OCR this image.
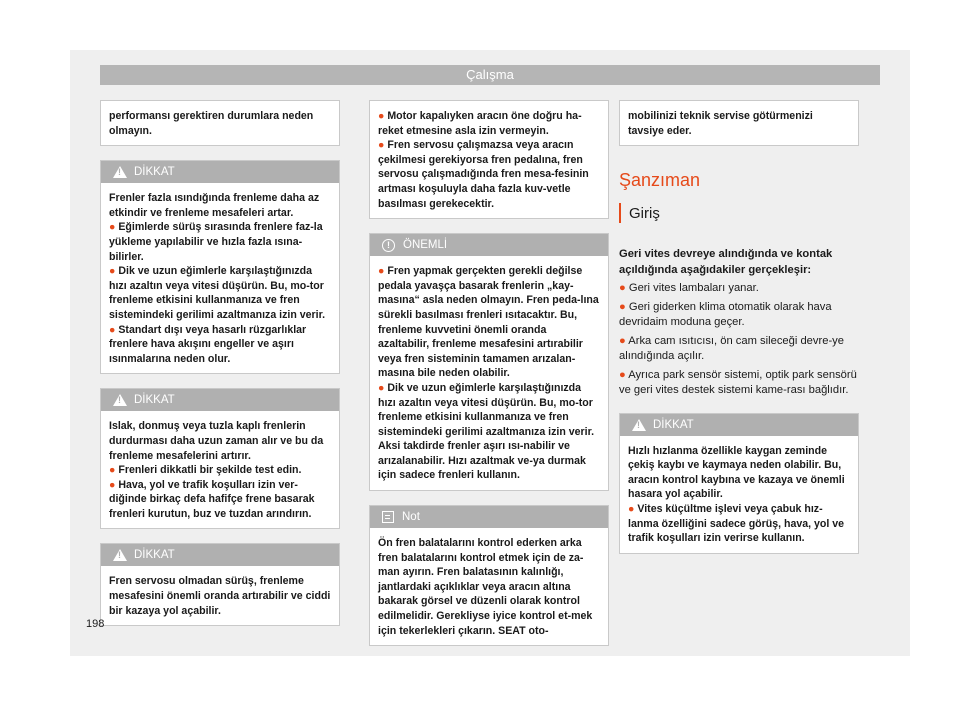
Çalışma

performansı gerektiren durumlara neden olmayın.

!
DİKKAT

Frenler fazla ısındığında frenleme daha az etkindir ve frenleme mesafeleri artar.

● Eğimlerde sürüş sırasında frenlere faz-la yükleme yapılabilir ve hızla fazla ısına-bilirler.

● Dik ve uzun eğimlerle karşılaştığınızda hızı azaltın veya vitesi düşürün. Bu, mo-tor frenleme etkisini kullanmanıza ve fren sistemindeki gerilimi azaltmanıza izin verir.

● Standart dışı veya hasarlı rüzgarlıklar frenlere hava akışını engeller ve aşırı ısınmalarına neden olur.

!
DİKKAT

Islak, donmuş veya tuzla kaplı frenlerin durdurması daha uzun zaman alır ve bu da frenleme mesafelerini artırır.

● Frenleri dikkatli bir şekilde test edin.

● Hava, yol ve trafik koşulları izin ver-diğinde birkaç defa hafifçe frene basarak frenleri kurutun, buz ve tuzdan arındırın.

!
DİKKAT

Fren servosu olmadan sürüş, frenleme mesafesini önemli oranda artırabilir ve ciddi bir kazaya yol açabilir.

● Motor kapalıyken aracın öne doğru ha-reket etmesine asla izin vermeyin.

● Fren servosu çalışmazsa veya aracın çekilmesi gerekiyorsa fren pedalına, fren servosu çalışmadığında fren mesa-fesinin artması koşuluyla daha fazla kuv-vetle basılması gerekecektir.

!	ÖNEMLİ

● Fren yapmak gerçekten gerekli değilse pedala yavaşça basarak frenlerin „kay-masına“ asla neden olmayın. Fren peda-lına sürekli basılması frenleri ısıtacaktır. Bu, frenleme kuvvetini önemli oranda azaltabilir, frenleme mesafesini artırabilir veya fren sisteminin tamamen arızalan-masına bile neden olabilir.

● Dik ve uzun eğimlerle karşılaştığınızda hızı azaltın veya vitesi düşürün. Bu, mo-tor frenleme etkisini kullanmanıza ve fren sistemindeki gerilimi azaltmanıza izin verir. Aksi takdirde frenler aşırı ısı-nabilir ve arızalanabilir. Hızı azaltmak ve-ya durmak için sadece frenleri kullanın.

Not

Ön fren balatalarını kontrol ederken arka fren balatalarını kontrol etmek için de za-man ayırın. Fren balatasının kalınlığı, jantlardaki açıklıklar veya aracın altına bakarak görsel ve düzenli olarak kontrol edilmelidir. Gerekliyse iyice kontrol et-mek için tekerlekleri çıkarın. SEAT oto-

mobilinizi teknik servise götürmenizi tavsiye eder.

Şanzıman
Giriş

Geri vites devreye alındığında ve kontak açıldığında aşağıdakiler gerçekleşir:

● Geri vites lambaları yanar.

● Geri giderken klima otomatik olarak hava devridaim moduna geçer.

● Arka cam ısıtıcısı, ön cam sileceği devre-ye alındığında açılır.

● Ayrıca park sensör sistemi, optik park sensörü ve geri vites destek sistemi kame-rası bağlıdır.

!
DİKKAT

Hızlı hızlanma özellikle kaygan zeminde çekiş kaybı ve kaymaya neden olabilir. Bu, aracın kontrol kaybına ve kazaya ve önemli hasara yol açabilir.

● Vites küçültme işlevi veya çabuk hız-lanma özelliğini sadece görüş, hava, yol ve trafik koşulları izin verirse kullanın.

198
